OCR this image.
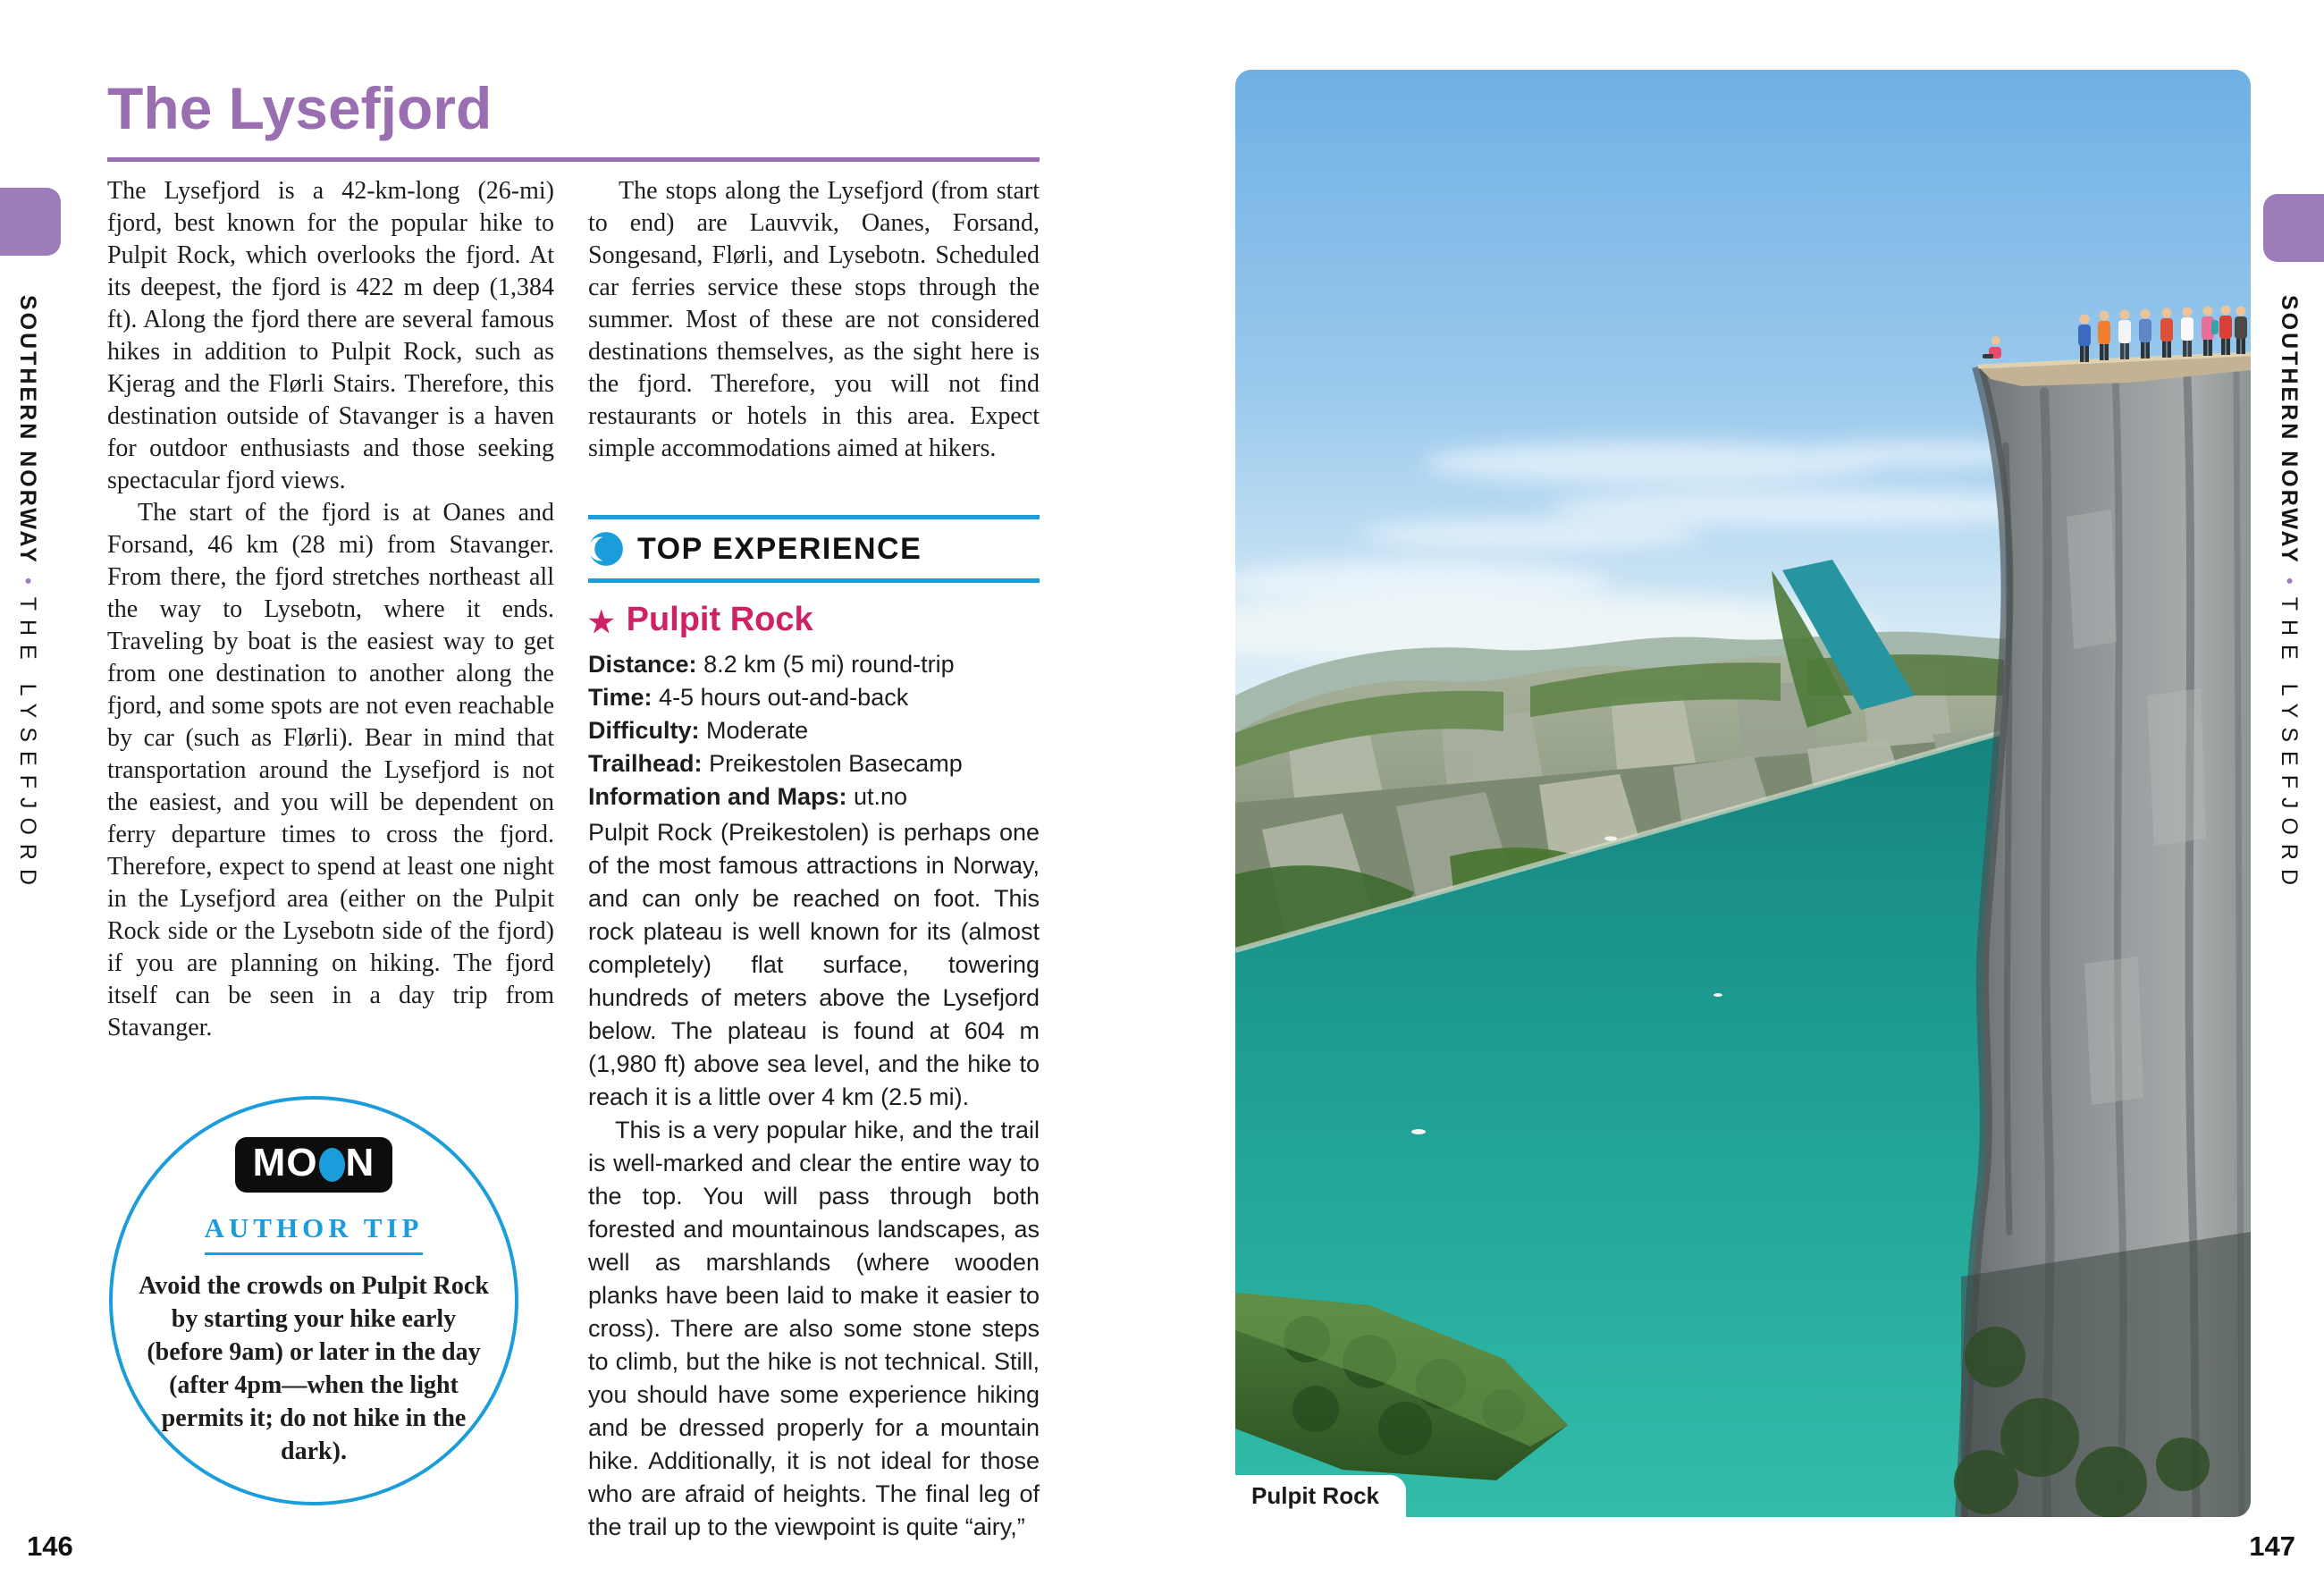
SOUTHERN NORWAY•THE LYSEFJORD
The Lysefjord

The Lysefjord is a 42-km-long (26-mi) fjord, best known for the popular hike to Pulpit Rock, which overlooks the fjord. At its deepest, the fjord is 422 m deep (1,384 ft). Along the fjord there are several famous hikes in addition to Pulpit Rock, such as Kjerag and the Flørli Stairs. Therefore, this destination outside of Stavanger is a haven for outdoor enthusiasts and those seeking spectacular fjord views.

The start of the fjord is at Oanes and Forsand, 46 km (28 mi) from Stavanger. From there, the fjord stretches northeast all the way to Lysebotn, where it ends. Traveling by boat is the easiest way to get from one destination to another along the fjord, and some spots are not even reachable by car (such as Flørli). Bear in mind that transportation around the Lysefjord is not the easiest, and you will be dependent on ferry departure times to cross the fjord. Therefore, expect to spend at least one night in the Lysefjord area (either on the Pulpit Rock side or the Lysebotn side of the fjord) if you are planning on hiking. The fjord itself can be seen in a day trip from Stavanger.

The stops along the Lysefjord (from start to end) are Lauvvik, Oanes, Forsand, Songesand, Flørli, and Lysebotn. Scheduled car ferries service these stops through the summer. Most of these are not considered destinations themselves, as the sight here is the fjord. Therefore, you will not find restaurants or hotels in this area. Expect simple accommodations aimed at hikers.

TOP EXPERIENCE
★ Pulpit Rock
Distance: 8.2 km (5 mi) round-trip
Time: 4-5 hours out-and-back
Difficulty: Moderate
Trailhead: Preikestolen Basecamp
Information and Maps: ut.no

Pulpit Rock (Preikestolen) is perhaps one of the most famous attractions in Norway, and can only be reached on foot. This rock plateau is well known for its (almost completely) flat surface, towering hundreds of meters above the Lysefjord below. The plateau is found at 604 m (1,980 ft) above sea level, and the hike to reach it is a little over 4 km (2.5 mi).

This is a very popular hike, and the trail is well-marked and clear the entire way to the top. You will pass through both forested and mountainous landscapes, as well as marshlands (where wooden planks have been laid to make it easier to cross). There are also some stone steps to climb, but the hike is not technical. Still, you should have some experience hiking and be dressed properly for a mountain hike. Additionally, it is not ideal for those who are afraid of heights. The final leg of the trail up to the viewpoint is quite “airy,”

M O N

AUTHOR TIP
Avoid the crowds on Pulpit Rock by starting your hike early (before 9am) or later in the day (after 4pm—when the light permits it; do not hike in the dark).
146
Pulpit Rock
SOUTHERN NORWAY•THE LYSEFJORD
147
